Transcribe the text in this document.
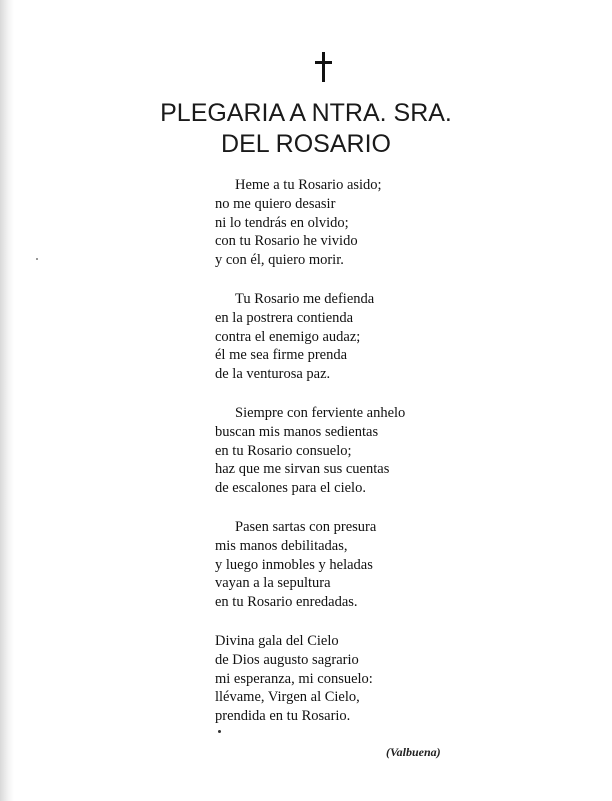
PLEGARIA A NTRA. SRA.
DEL ROSARIO
Heme a tu Rosario asido;
no me quiero desasir
ni lo tendrás en olvido;
con tu Rosario he vivido
y con él, quiero morir.
Tu Rosario me defienda
en la postrera contienda
contra el enemigo audaz;
él me sea firme prenda
de la venturosa paz.
Siempre con ferviente anhelo
buscan mis manos sedientas
en tu Rosario consuelo;
haz que me sirvan sus cuentas
de escalones para el cielo.
Pasen sartas con presura
mis manos debilitadas,
y luego inmobles y heladas
vayan a la sepultura
en tu Rosario enredadas.
Divina gala del Cielo
de Dios augusto sagrario
mi esperanza, mi consuelo:
llévame, Virgen al Cielo,
prendida en tu Rosario.
(Valbuena)
